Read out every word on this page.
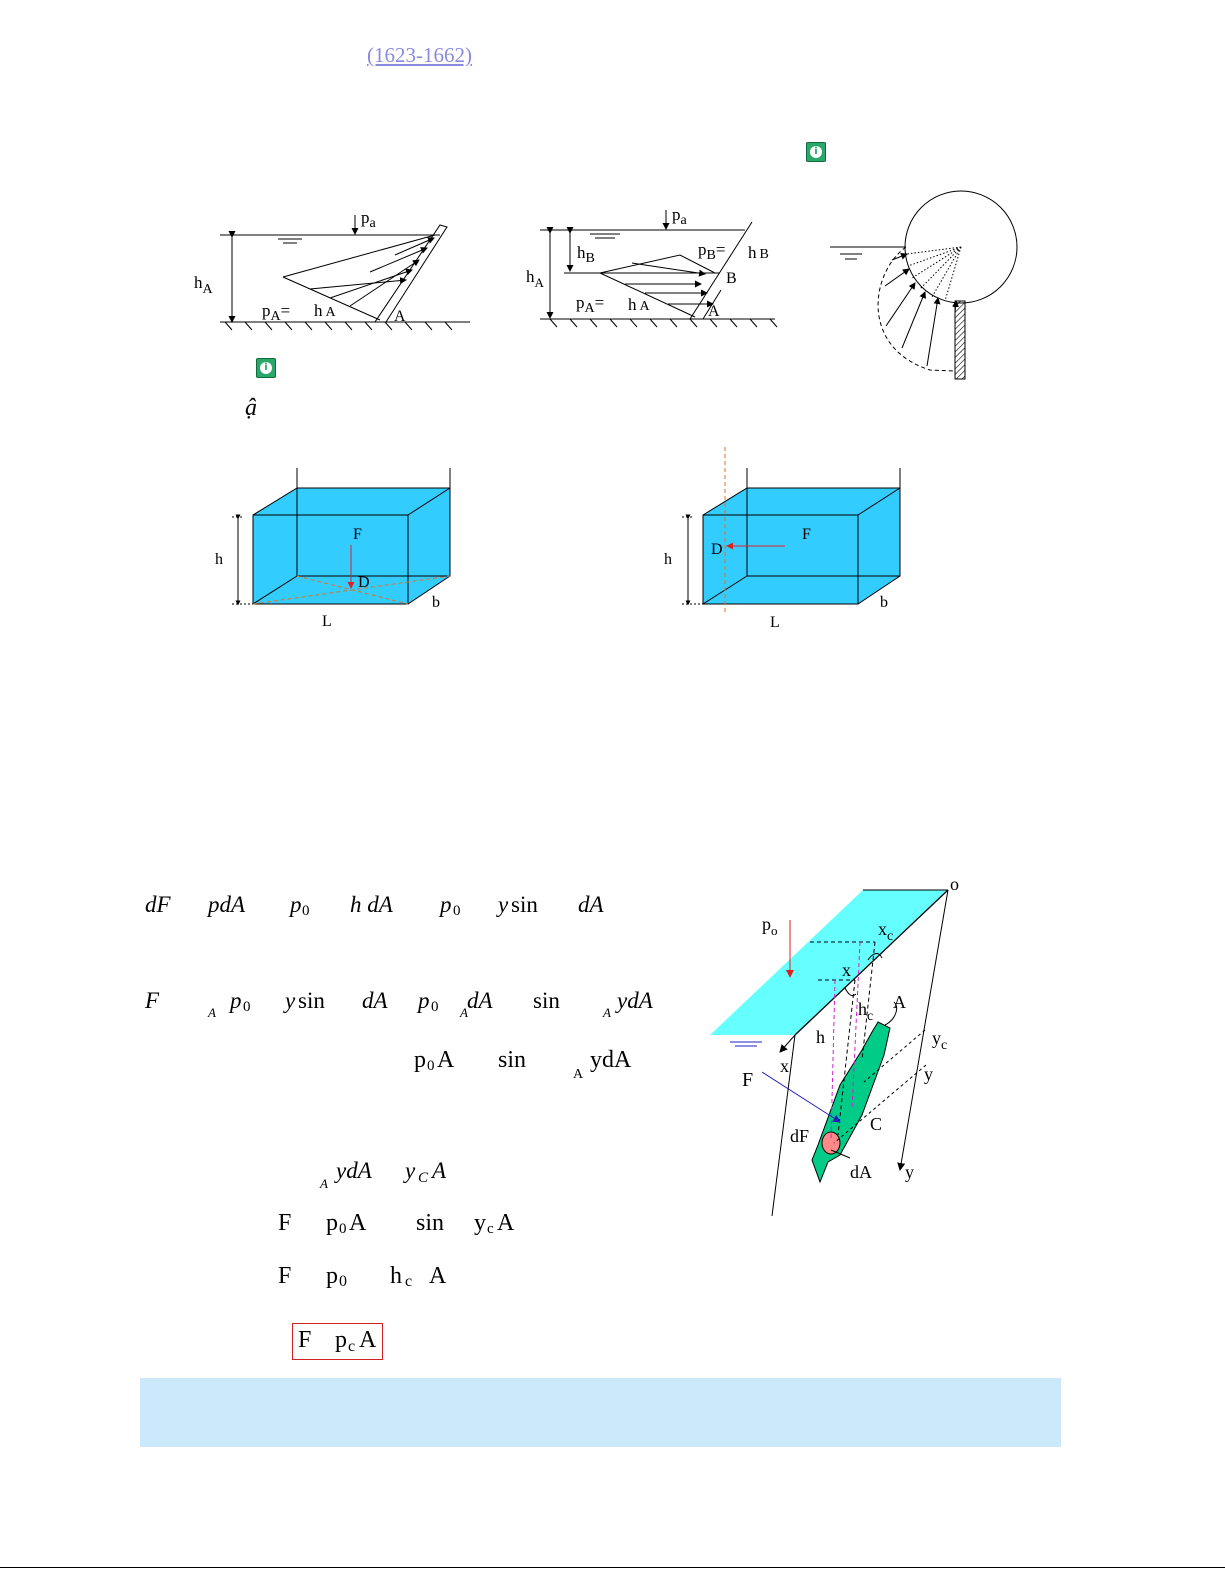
(1623-1662)
i
i
ậ
$p_a$
$h_A$
$p_A= h$ A	A
$p_a$
$h_B$
$h_A$
$p_B= h$ B
B
$p_A= h$ A	A
h
F
D
b
L
h
D
F
b
L
dF pdA p 0 h dA p 0 y sin dA
F	A p 0 y sin dA p 0 dA
A	sin	A ydA
p 0 A sin
A
ydA
A
ydA y C A
F p 0 A sin y c A
F p 0 h c A
F p c A
o
$p_o$	$x_c$
x
$h_c$
A
h	$y_c$
x	y
F
C
dF
dA y
